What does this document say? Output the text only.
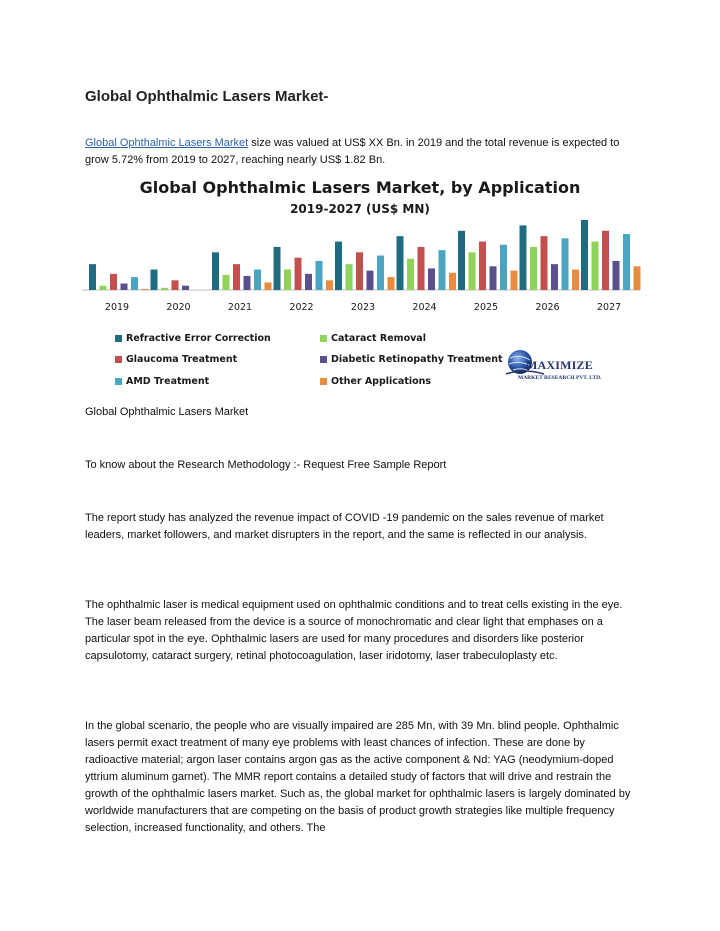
Global Ophthalmic Lasers Market-

Global Ophthalmic Lasers Market size was valued at US$ XX Bn. in 2019 and the total revenue is expected to grow 5.72% from 2019 to 2027, reaching nearly US$ 1.82 Bn.

Global Ophthalmic Lasers Market, by Application
2019-2027 (US$ MN)
2019	2020	2021	2022	2023	2024	2025	2026	2027
Refractive Error Correction	Cataract Removal
Glaucoma Treatment	Diabetic Retinopathy Treatment
AMD Treatment	Other Applications
MAXIMIZE
MARKET RESEARCH PVT. LTD.

Global Ophthalmic Lasers Market

To know about the Research Methodology :- Request Free Sample Report

The report study has analyzed the revenue impact of COVID -19 pandemic on the sales revenue of market leaders, market followers, and market disrupters in the report, and the same is reflected in our analysis.

The ophthalmic laser is medical equipment used on ophthalmic conditions and to treat cells existing in the eye. The laser beam released from the device is a source of monochromatic and clear light that emphases on a particular spot in the eye. Ophthalmic lasers are used for many procedures and disorders like posterior capsulotomy, cataract surgery, retinal photocoagulation, laser iridotomy, laser trabeculoplasty etc.

In the global scenario, the people who are visually impaired are 285 Mn, with 39 Mn. blind people. Ophthalmic lasers permit exact treatment of many eye problems with least chances of infection. These are done by radioactive material; argon laser contains argon gas as the active component & Nd: YAG (neodymium-doped yttrium aluminum garnet). The MMR report contains a detailed study of factors that will drive and restrain the growth of the ophthalmic lasers market. Such as, the global market for ophthalmic lasers is largely dominated by worldwide manufacturers that are competing on the basis of product growth strategies like multiple frequency selection, increased functionality, and others. The
